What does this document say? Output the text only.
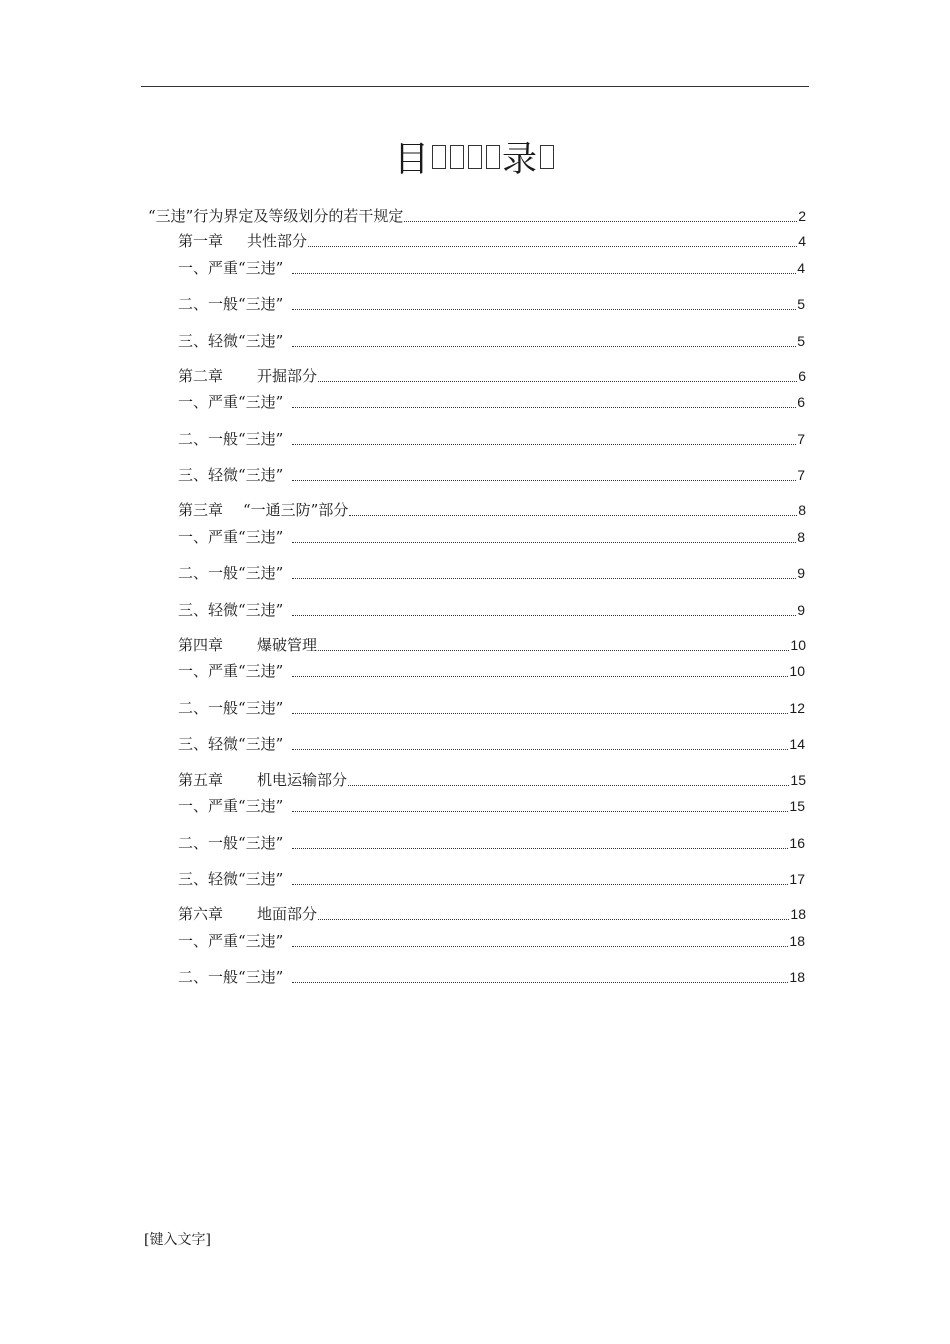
目 录
“三违”行为界定及等级划分的若干规定	2
第一章 共性部分	4
一、严重“三违”	4
二、一般“三违”	5
三、轻微“三违”	5
第二章 开掘部分	6
一、严重“三违”	6
二、一般“三违”	7
三、轻微“三违”	7
第三章 “一通三防”部分	8
一、严重“三违”	8
二、一般“三违”	9
三、轻微“三违”	9
第四章 爆破管理	10
一、严重“三违”	10
二、一般“三违”	12
三、轻微“三违”	14
第五章 机电运输部分	15
一、严重“三违”	15
二、一般“三违”	16
三、轻微“三违”	17
第六章 地面部分	18
一、严重“三违”	18
二、一般“三违”	18
[键入文字]
